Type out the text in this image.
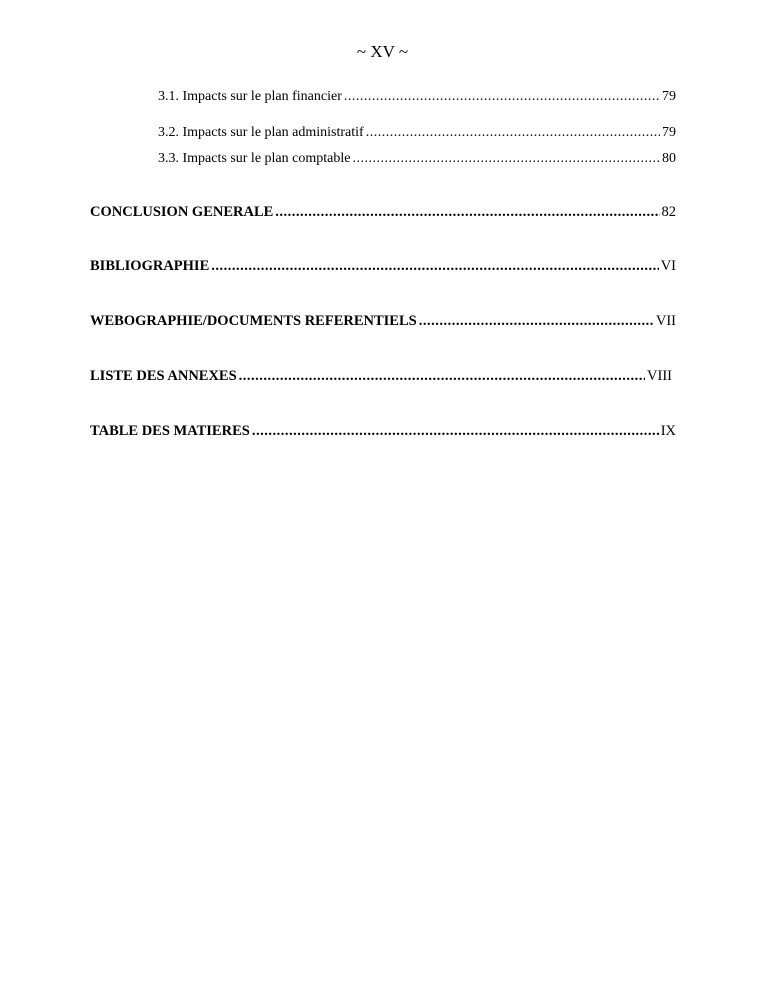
~ XV ~
3.1. Impacts sur le plan financier .....	79
3.2. Impacts sur le plan administratif .....	79
3.3. Impacts sur le plan comptable .....	80
CONCLUSION GENERALE .....	82
BIBLIOGRAPHIE .....	VI
WEBOGRAPHIE/DOCUMENTS REFERENTIELS .....	VII
LISTE DES ANNEXES .....	VIII
TABLE DES MATIERES .....	IX
